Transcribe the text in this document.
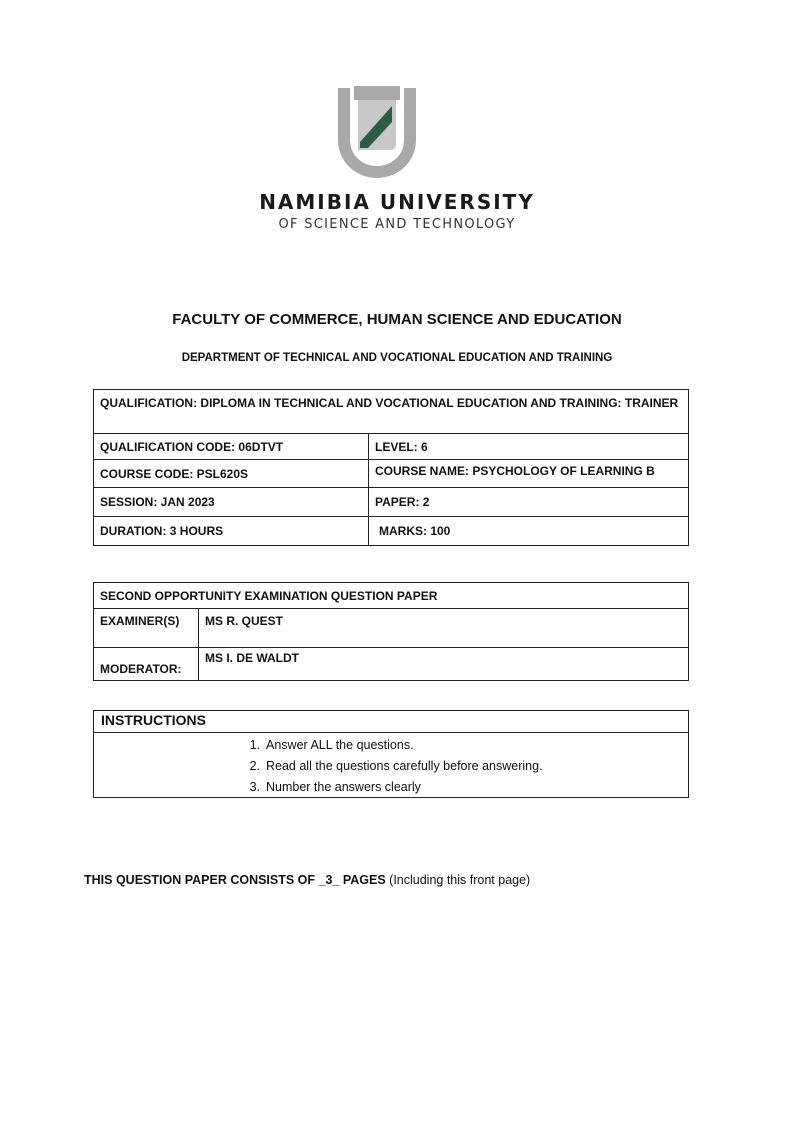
NAMIBIA UNIVERSITY
OF SCIENCE AND TECHNOLOGY
FACULTY OF COMMERCE, HUMAN SCIENCE AND EDUCATION
DEPARTMENT OF TECHNICAL AND VOCATIONAL EDUCATION AND TRAINING
QUALIFICATION: DIPLOMA IN TECHNICAL AND VOCATIONAL EDUCATION AND TRAINING: TRAINER	
QUALIFICATION CODE: 06DTVT	LEVEL: 6
COURSE CODE: PSL620S	COURSE NAME: PSYCHOLOGY OF LEARNING B
SESSION: JAN 2023	PAPER: 2
DURATION: 3 HOURS	MARKS: 100
SECOND OPPORTUNITY EXAMINATION QUESTION PAPER	
EXAMINER(S)	MS R. QUEST
MODERATOR:	MS I. DE WALDT
INSTRUCTIONS
1. Answer ALL the questions.
2. Read all the questions carefully before answering.
3. Number the answers clearly
THIS QUESTION PAPER CONSISTS OF _3_ PAGES (Including this front page)
